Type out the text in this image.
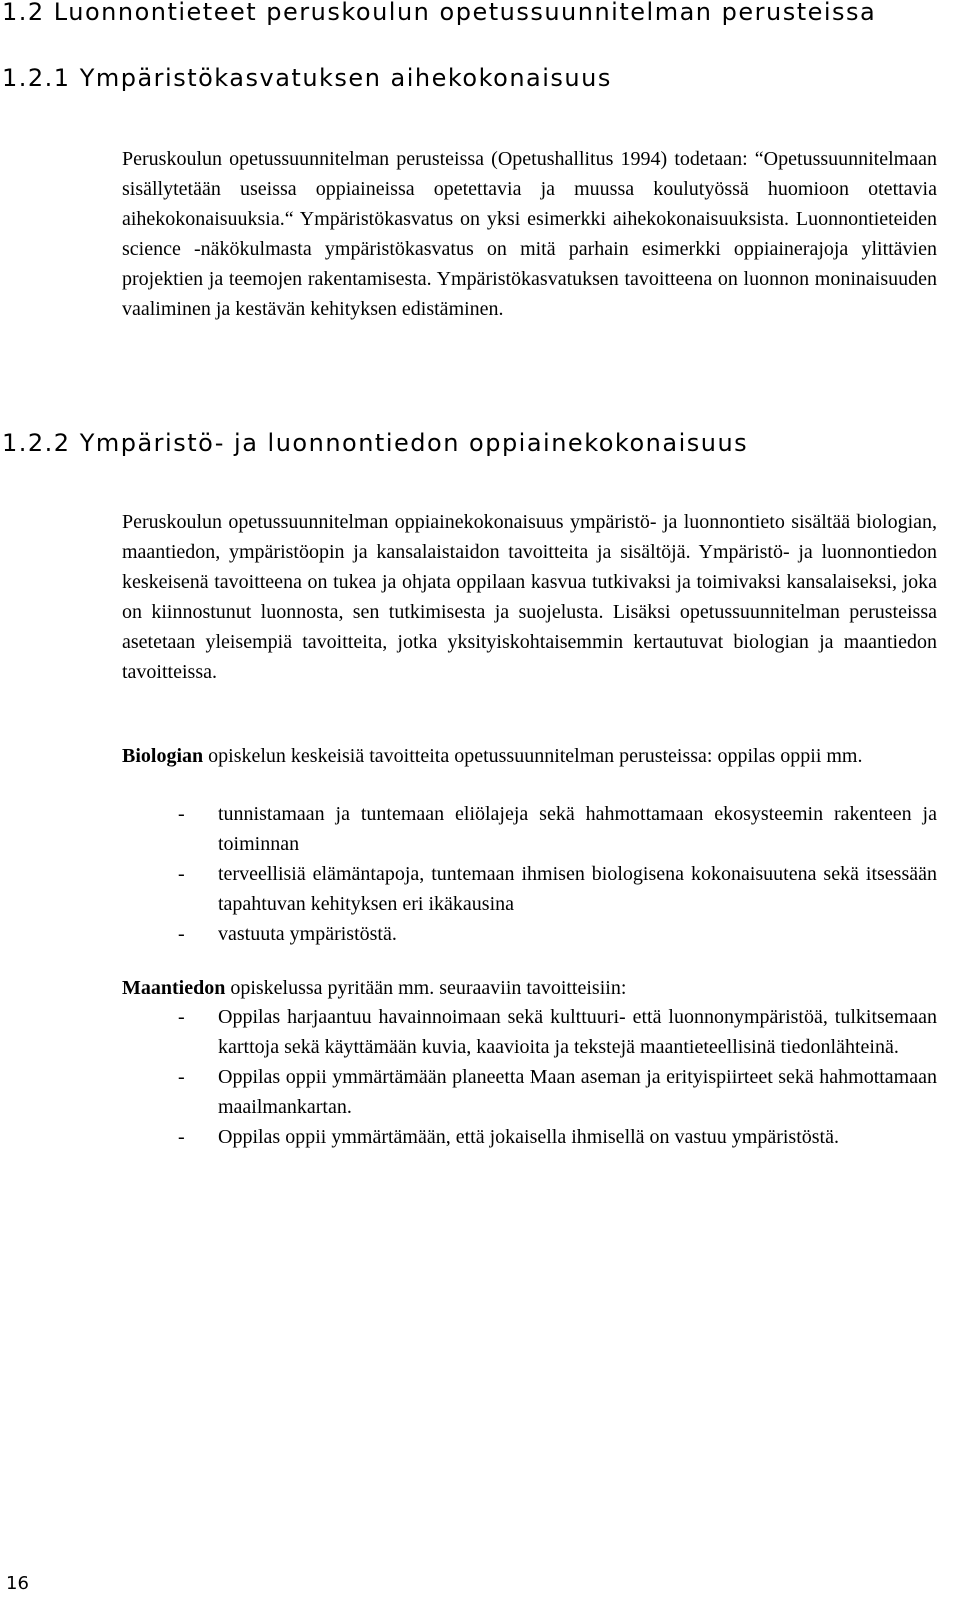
1.2 Luonnontieteet peruskoulun opetussuunnitelman perusteissa
1.2.1 Ympäristökasvatuksen aihekokonaisuus

Peruskoulun opetussuunnitelman perusteissa (Opetushallitus 1994) todetaan: “Opetussuunnitelmaan sisällytetään useissa oppiaineissa opetettavia ja muussa koulutyössä huomioon otettavia aihekokonaisuuksia.“ Ympäristökasvatus on yksi esimerkki aihekokonaisuuksista. Luonnontieteiden science -näkökulmasta ympäristökasvatus on mitä parhain esimerkki oppiainerajoja ylittävien projektien ja teemojen rakentamisesta. Ympäristökasvatuksen tavoitteena on luonnon moninaisuuden vaaliminen ja kestävän kehityksen edistäminen.

1.2.2 Ympäristö- ja luonnontiedon oppiainekokonaisuus

Peruskoulun opetussuunnitelman oppiainekokonaisuus ympäristö- ja luonnontieto sisältää biologian, maantiedon, ympäristöopin ja kansalaistaidon tavoitteita ja sisältöjä. Ympäristö- ja luonnontiedon keskeisenä tavoitteena on tukea ja ohjata oppilaan kasvua tutkivaksi ja toimivaksi kansalaiseksi, joka on kiinnostunut luonnosta, sen tutkimisesta ja suojelusta. Lisäksi opetussuunnitelman perusteissa asetetaan yleisempiä tavoitteita, jotka yksityiskohtaisemmin kertautuvat biologian ja maantiedon tavoitteissa.

Biologian opiskelun keskeisiä tavoitteita opetussuunnitelman perusteissa: oppilas oppii mm.

- tunnistamaan ja tuntemaan eliölajeja sekä hahmottamaan ekosysteemin rakenteen ja toiminnan
- terveellisiä elämäntapoja, tuntemaan ihmisen biologisena kokonaisuutena sekä itsessään tapahtuvan kehityksen eri ikäkausina
- vastuuta ympäristöstä.

Maantiedon opiskelussa pyritään mm. seuraaviin tavoitteisiin:

- Oppilas harjaantuu havainnoimaan sekä kulttuuri- että luonnonympäristöä, tulkitsemaan karttoja sekä käyttämään kuvia, kaavioita ja tekstejä maantieteellisinä tiedonlähteinä.
- Oppilas oppii ymmärtämään planeetta Maan aseman ja erityispiirteet sekä hahmottamaan maailmankartan.
- Oppilas oppii ymmärtämään, että jokaisella ihmisellä on vastuu ympäristöstä.
16
